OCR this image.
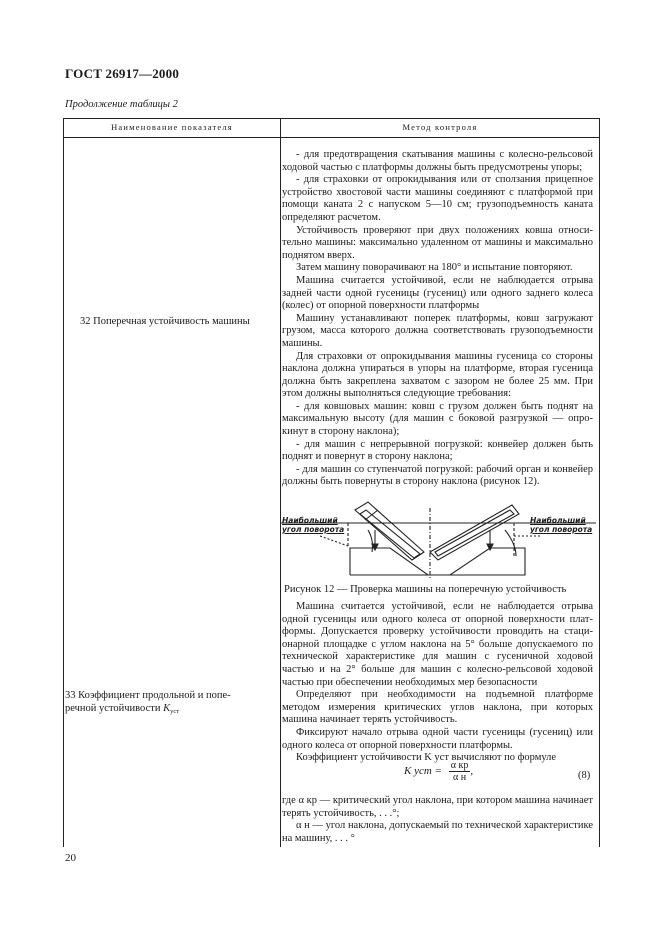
ГОСТ 26917—2000
Продолжение таблицы 2
Наименование показателя	Метод контроля
32 Поперечная устойчивость машины

- для предотвращения скатывания машины с колесно-рельсовой ходовой частью с платформы должны быть предусмотрены упоры;

- для страховки от опрокидывания или от сползания прицепное устройство хвостовой части машины соединяют с платформой при помощи каната 2 с напуском 5—10 см; грузоподъемность каната определяют расчетом.

Устойчивость проверяют при двух положениях ковша относительно машины: максимально удаленном от машины и максимально поднятом вверх.

Затем машину поворачивают на 180° и испытание повторяют.

Машина считается устойчивой, если не наблюдается отрыва задней части одной гусеницы (гусениц) или одного заднего колеса (колес) от опорной поверхности платформы

Машину устанавливают поперек платформы, ковш загружают грузом, масса которого должна соответствовать грузоподъемности машины.

Для страховки от опрокидывания машины гусеница со стороны наклона должна упираться в упоры на платформе, вторая гусеница должна быть закреплена захватом с зазором не более 25 мм. При этом должны выполняться следующие требования:

- для ковшовых машин: ковш с грузом должен быть поднят на максимальную высоту (для машин с боковой разгрузкой — опрокинут в сторону наклона);

- для машин с непрерывной погрузкой: конвейер должен быть поднят и повернут в сторону наклона;

- для машин со ступенчатой погрузкой: рабочий орган и конвейер должны быть повернуты в сторону наклона (рисунок 12).

Наибольший угол поворота
Наибольший угол поворота
Рисунок 12 — Проверка машины на поперечную устойчивость
33 Коэффициент продольной и попе-
речной устойчивости $K_{уст}$

Машина считается устойчивой, если не наблюдается отрыва одной гусеницы или одного колеса от опорной поверхности платформы. Допускается проверку устойчивости проводить на стационарной площадке с углом наклона на 5° больше допускаемого по технической характеристике для машин с гусеничной ходовой частью и на 2° больше для машин с колесно-рельсовой ходовой частью при обеспечении необходимых мер безопасности

Определяют при необходимости на подъемной платформе методом измерения критических углов наклона, при которых машина начинает терять устойчивость.

Фиксируют начало отрыва одной части гусеницы (гусениц) или одного колеса от опорной поверхности платформы.

Коэффициент устойчивости K уст вычисляют по формуле

K уст = $\frac{\text{α кр}}{\text{α н}}$ ,	(8)

где α кр — критический угол наклона, при котором машина начинает терять устойчивость, . . .°;

α н — угол наклона, допускаемый по технической характеристике на машину, . . . °

20
